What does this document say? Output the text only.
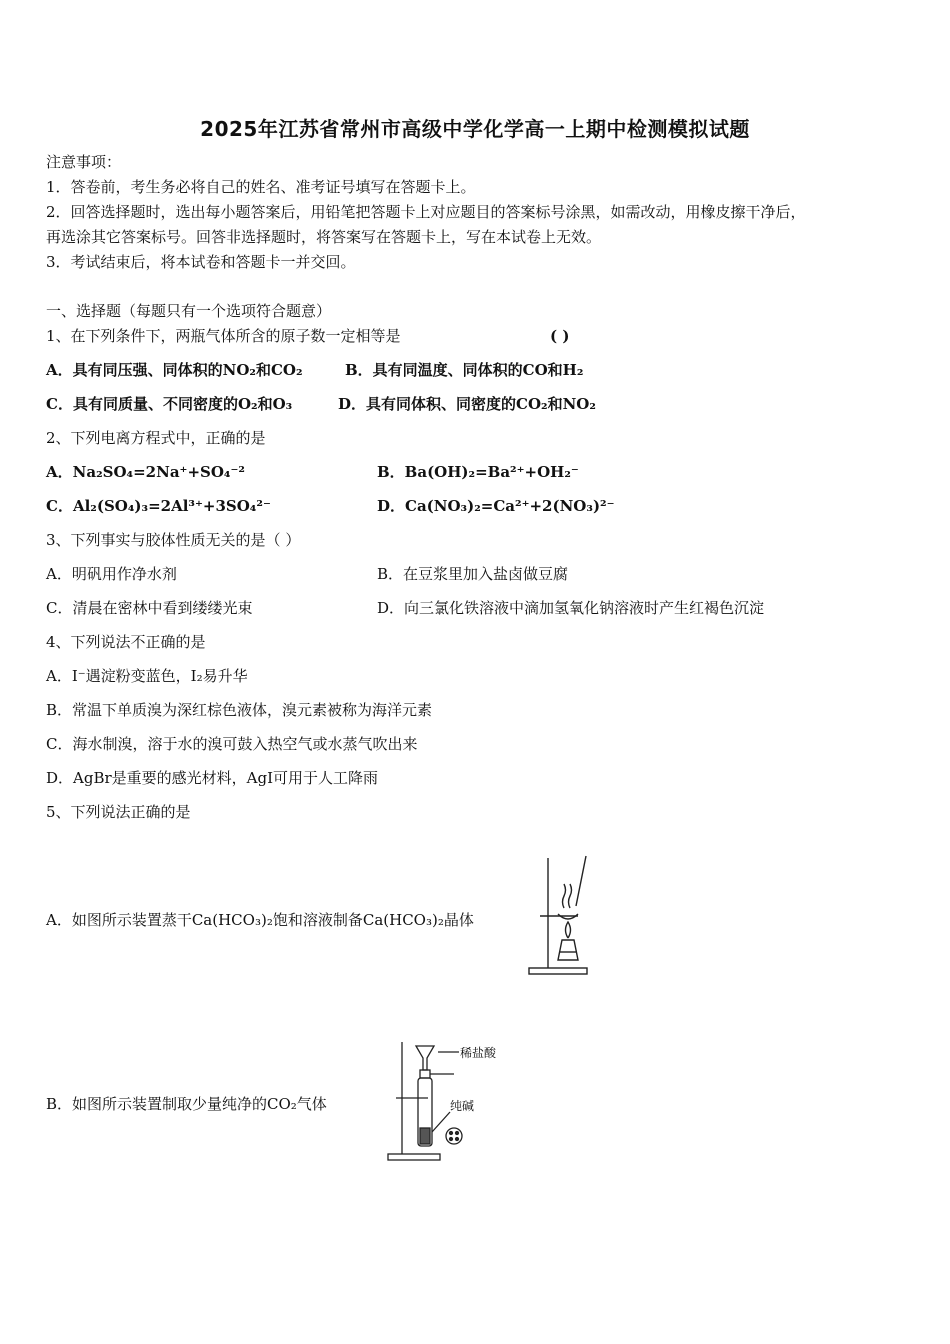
2025年江苏省常州市高级中学化学高一上期中检测模拟试题
注意事项：
1．答卷前，考生务必将自己的姓名、准考证号填写在答题卡上。
2．回答选择题时，选出每小题答案后，用铅笔把答题卡上对应题目的答案标号涂黑，如需改动，用橡皮擦干净后，
再选涂其它答案标号。回答非选择题时，将答案写在答题卡上，写在本试卷上无效。
3．考试结束后，将本试卷和答题卡一并交回。
一、选择题（每题只有一个选项符合题意）
1、在下列条件下，两瓶气体所含的原子数一定相等是	( )
A．具有同压强、同体积的NO₂和CO₂	B．具有同温度、同体积的CO和H₂
C．具有同质量、不同密度的O₂和O₃	D．具有同体积、同密度的CO₂和NO₂
2、下列电离方程式中，正确的是
A．Na₂SO₄=2Na⁺+SO₄⁻²	B．Ba(OH)₂=Ba²⁺+OH₂⁻
C．Al₂(SO₄)₃=2Al³⁺+3SO₄²⁻	D．Ca(NO₃)₂=Ca²⁺+2(NO₃)²⁻
3、下列事实与胶体性质无关的是（ ）
A．明矾用作净水剂	B．在豆浆里加入盐卤做豆腐
C．清晨在密林中看到缕缕光束	D．向三氯化铁溶液中滴加氢氧化钠溶液时产生红褐色沉淀
4、下列说法不正确的是
A．I⁻遇淀粉变蓝色，I₂易升华
B．常温下单质溴为深红棕色液体，溴元素被称为海洋元素
C．海水制溴，溶于水的溴可鼓入热空气或水蒸气吹出来
D．AgBr是重要的感光材料，AgI可用于人工降雨
5、下列说法正确的是
A．如图所示装置蒸干Ca(HCO₃)₂饱和溶液制备Ca(HCO₃)₂晶体
B．如图所示装置制取少量纯净的CO₂气体
稀盐酸
纯碱
